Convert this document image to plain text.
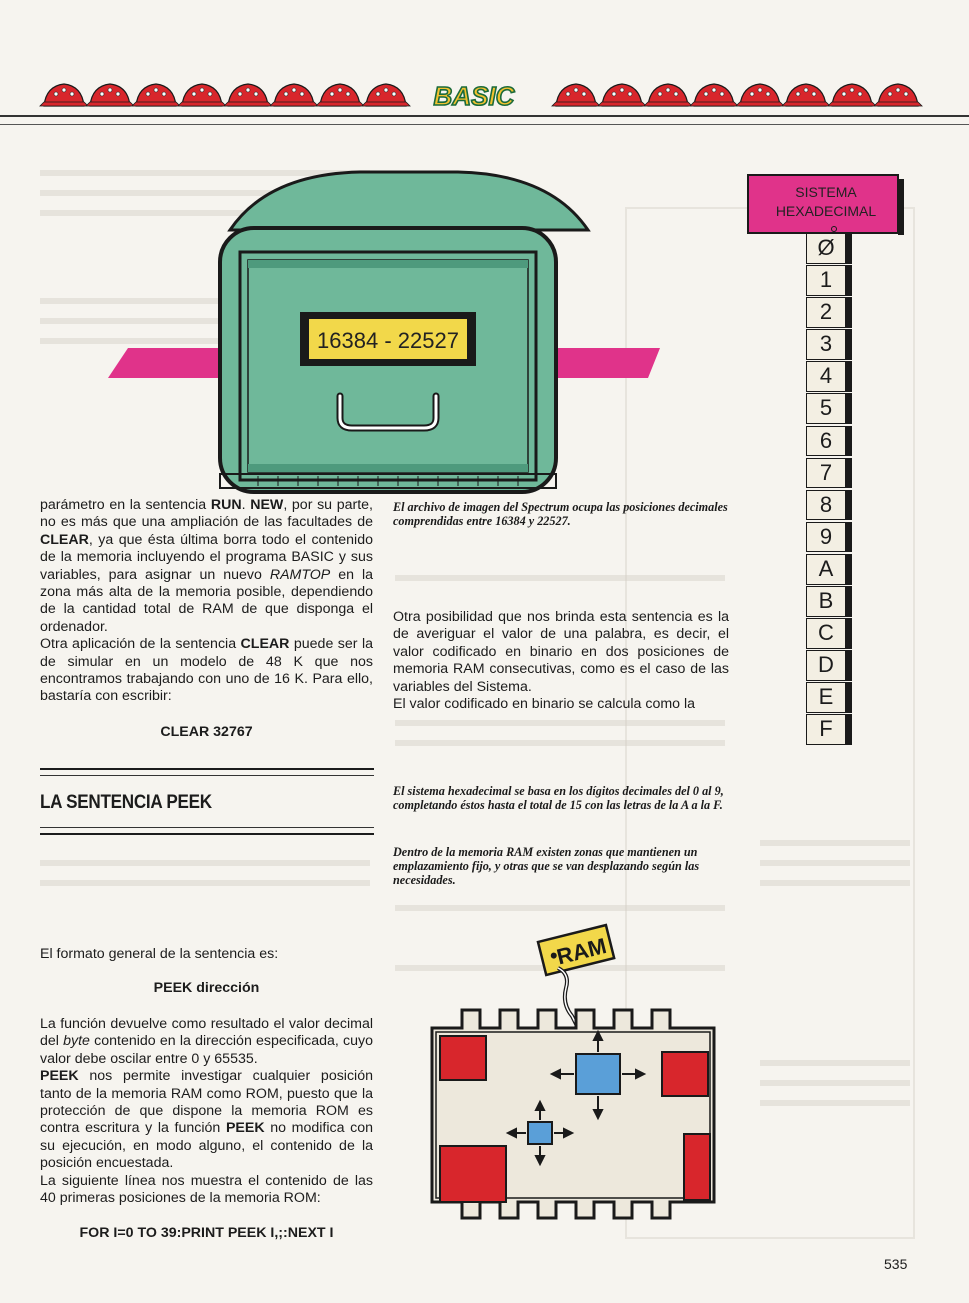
BASIC
16384 - 22527
SISTEMA
HEXADECIMAL
Ø
1
2
3
4
5
6
7
8
9
A
B
C
D
E
F

parámetro en la sentencia RUN. NEW, por su parte, no es más que una ampliación de las facultades de CLEAR, ya que ésta última borra todo el contenido de la memoria incluyendo el programa BASIC y sus variables, para asignar un nuevo RAMTOP en la zona más alta de la memoria posible, dependiendo de la cantidad total de RAM de que disponga el ordenador.

Otra aplicación de la sentencia CLEAR puede ser la de simular en un modelo de 48 K que nos encontramos trabajando con uno de 16 K. Para ello, bastaría con escribir:

CLEAR 32767
LA SENTENCIA PEEK

El formato general de la sentencia es:

PEEK dirección

La función devuelve como resultado el valor decimal del byte contenido en la dirección especificada, cuyo valor debe oscilar entre 0 y 65535.

PEEK nos permite investigar cualquier posición tanto de la memoria RAM como ROM, puesto que la protección de que dispone la memoria ROM es contra escritura y la función PEEK no modifica con su ejecución, en modo alguno, el contenido de la posición encuestada.

La siguiente línea nos muestra el contenido de las 40 primeras posiciones de la memoria ROM:

FOR I=0 TO 39:PRINT PEEK I,;:NEXT I
El archivo de imagen del Spectrum ocupa las posiciones decimales comprendidas entre 16384 y 22527.

Otra posibilidad que nos brinda esta sentencia es la de averiguar el valor de una palabra, es decir, el valor codificado en binario en dos posiciones de memoria RAM consecutivas, como es el caso de las variables del Sistema.

El valor codificado en binario se calcula como la

El sistema hexadecimal se basa en los dígitos decimales del 0 al 9, completando éstos hasta el total de 15 con las letras de la A a la F.
Dentro de la memoria RAM existen zonas que mantienen un emplazamiento fijo, y otras que se van desplazando según las necesidades.
RAM
535
